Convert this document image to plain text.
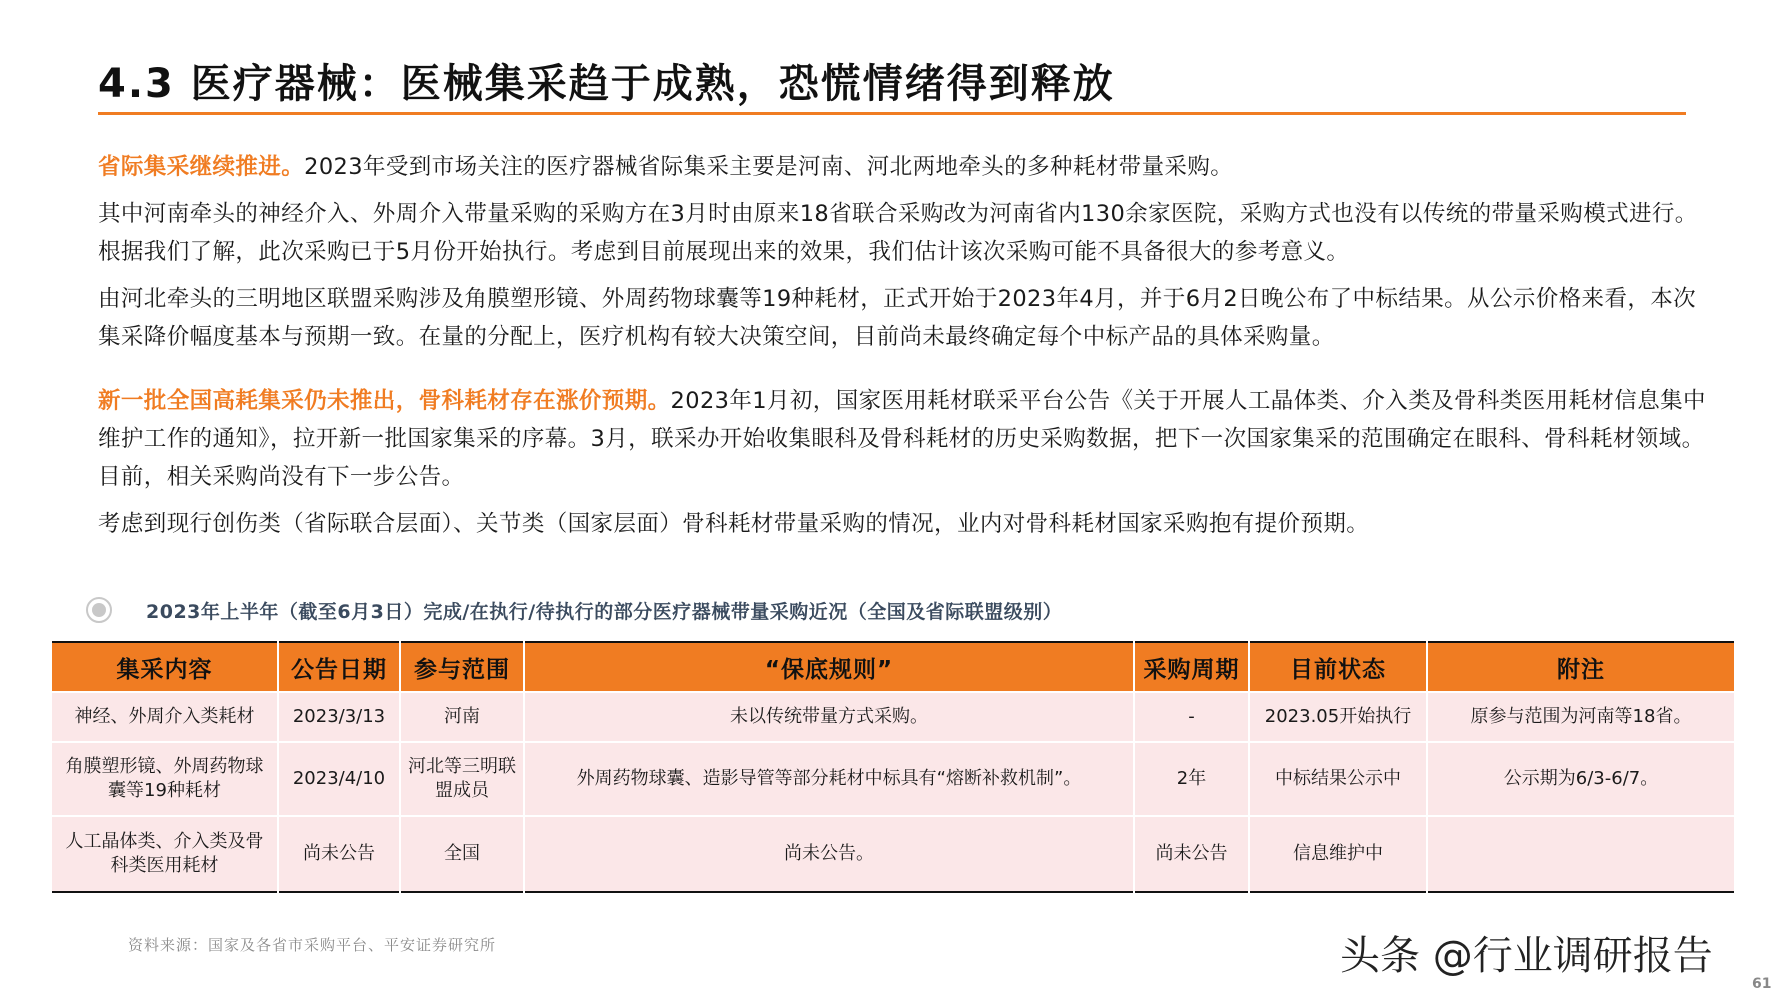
4.3 医疗器械：医械集采趋于成熟，恐慌情绪得到释放

省际集采继续推进。2023年受到市场关注的医疗器械省际集采主要是河南、河北两地牵头的多种耗材带量采购。

其中河南牵头的神经介入、外周介入带量采购的采购方在3月时由原来18省联合采购改为河南省内130余家医院，采购方式也没有以传统的带量采购模式进行。根据我们了解，此次采购已于5月份开始执行。考虑到目前展现出来的效果，我们估计该次采购可能不具备很大的参考意义。

由河北牵头的三明地区联盟采购涉及角膜塑形镜、外周药物球囊等19种耗材，正式开始于2023年4月，并于6月2日晚公布了中标结果。从公示价格来看，本次集采降价幅度基本与预期一致。在量的分配上，医疗机构有较大决策空间，目前尚未最终确定每个中标产品的具体采购量。

新一批全国高耗集采仍未推出，骨科耗材存在涨价预期。2023年1月初，国家医用耗材联采平台公告《关于开展人工晶体类、介入类及骨科类医用耗材信息集中维护工作的通知》，拉开新一批国家集采的序幕。3月，联采办开始收集眼科及骨科耗材的历史采购数据，把下一次国家集采的范围确定在眼科、骨科耗材领域。目前，相关采购尚没有下一步公告。

考虑到现行创伤类（省际联合层面）、关节类（国家层面）骨科耗材带量采购的情况，业内对骨科耗材国家采购抱有提价预期。

2023年上半年（截至6月3日）完成/在执行/待执行的部分医疗器械带量采购近况（全国及省际联盟级别）
集采内容	公告日期	参与范围	“保底规则”	采购周期	目前状态	附注
神经、外周介入类耗材	2023/3/13	河南	未以传统带量方式采购。	-	2023.05开始执行	原参与范围为河南等18省。
角膜塑形镜、外周药物球囊等19种耗材	2023/4/10	河北等三明联盟成员	外周药物球囊、造影导管等部分耗材中标具有“熔断补救机制”。	2年	中标结果公示中	公示期为6/3-6/7。
人工晶体类、介入类及骨科类医用耗材	尚未公告	全国	尚未公告。	尚未公告	信息维护中	
资料来源：国家及各省市采购平台、平安证券研究所	头条 @行业调研报告
61
